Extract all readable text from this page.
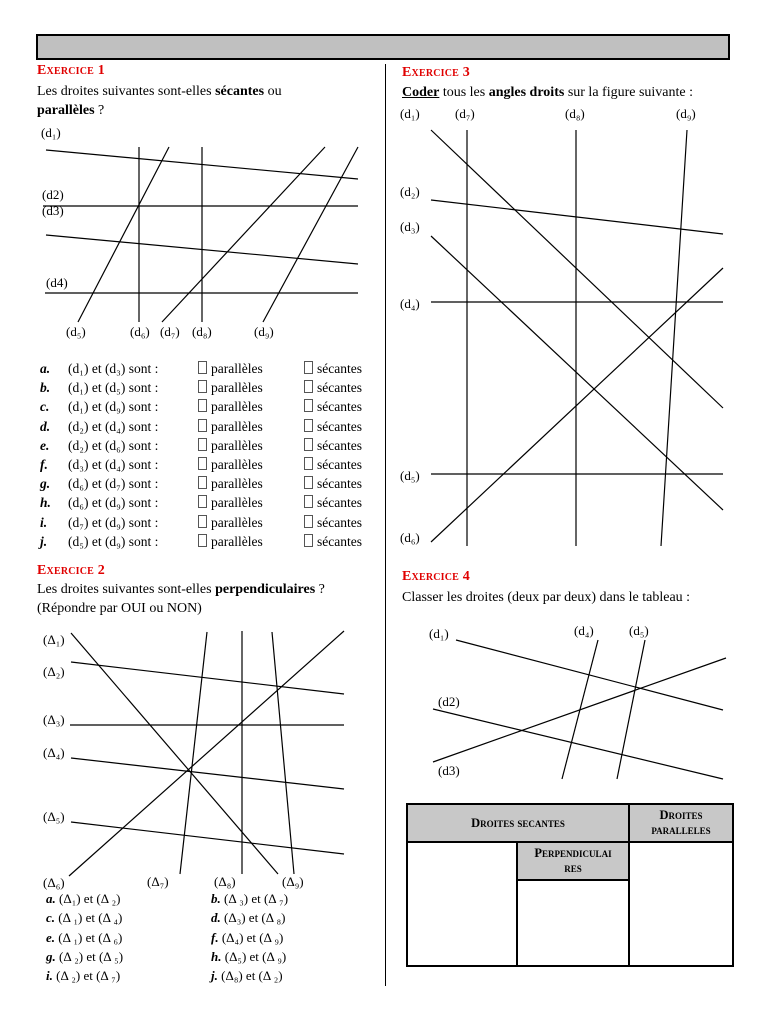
Exercice 1
Les droites suivantes sont-elles sécantes ou
parallèles ?
(d₁)
(d2)
(d3)
(d4)
(d₅)	(d₆) (d₇) (d₈)	(d₉)
a. (d₁) et (d₃) sont :	parallèles	sécantes
b. (d₁) et (d₅) sont :	parallèles	sécantes
c. (d₁) et (d₉) sont :	parallèles	sécantes
d. (d₂) et (d₄) sont :	parallèles	sécantes
e. (d₂) et (d₆) sont :	parallèles	sécantes
f. (d₃) et (d₄) sont :	parallèles	sécantes
g. (d₆) et (d₇) sont :	parallèles	sécantes
h. (d₆) et (d₉) sont :	parallèles	sécantes
i. (d₇) et (d₉) sont :	parallèles	sécantes
j. (d₅) et (d₉) sont :	parallèles	sécantes
Exercice 2
Les droites suivantes sont-elles perpendiculaires ?
(Répondre par OUI ou NON)
(Δ₁)
(Δ₂)
(Δ₃)
(Δ₄)
(Δ₅)
(Δ₆)	(Δ₇)	(Δ₈)	(Δ₉)
a. (Δ₁) et (Δ ₂)	b. (Δ ₃) et (Δ ₇)
c. (Δ ₁) et (Δ ₄)	d. (Δ₃) et (Δ ₈)
e. (Δ ₁) et (Δ ₆)	f. (Δ₄) et (Δ ₉)
g. (Δ ₂) et (Δ ₅)	h. (Δ₅) et (Δ ₉)
i. (Δ ₂) et (Δ ₇)	j. (Δ₈) et (Δ ₂)
Exercice 3
Coder tous les angles droits sur la figure suivante :
(d₁)	(d₇)	(d₈)	(d₉)
(d₂)
(d₃)
(d₄)
(d₅)
(d₆)
Exercice 4
Classer les droites (deux par deux) dans le tableau :
(d₁)	(d₄)	(d₅)
(d2)
(d3)
Droites secantes		Droites
paralleles
	Perpendiculai
res	
